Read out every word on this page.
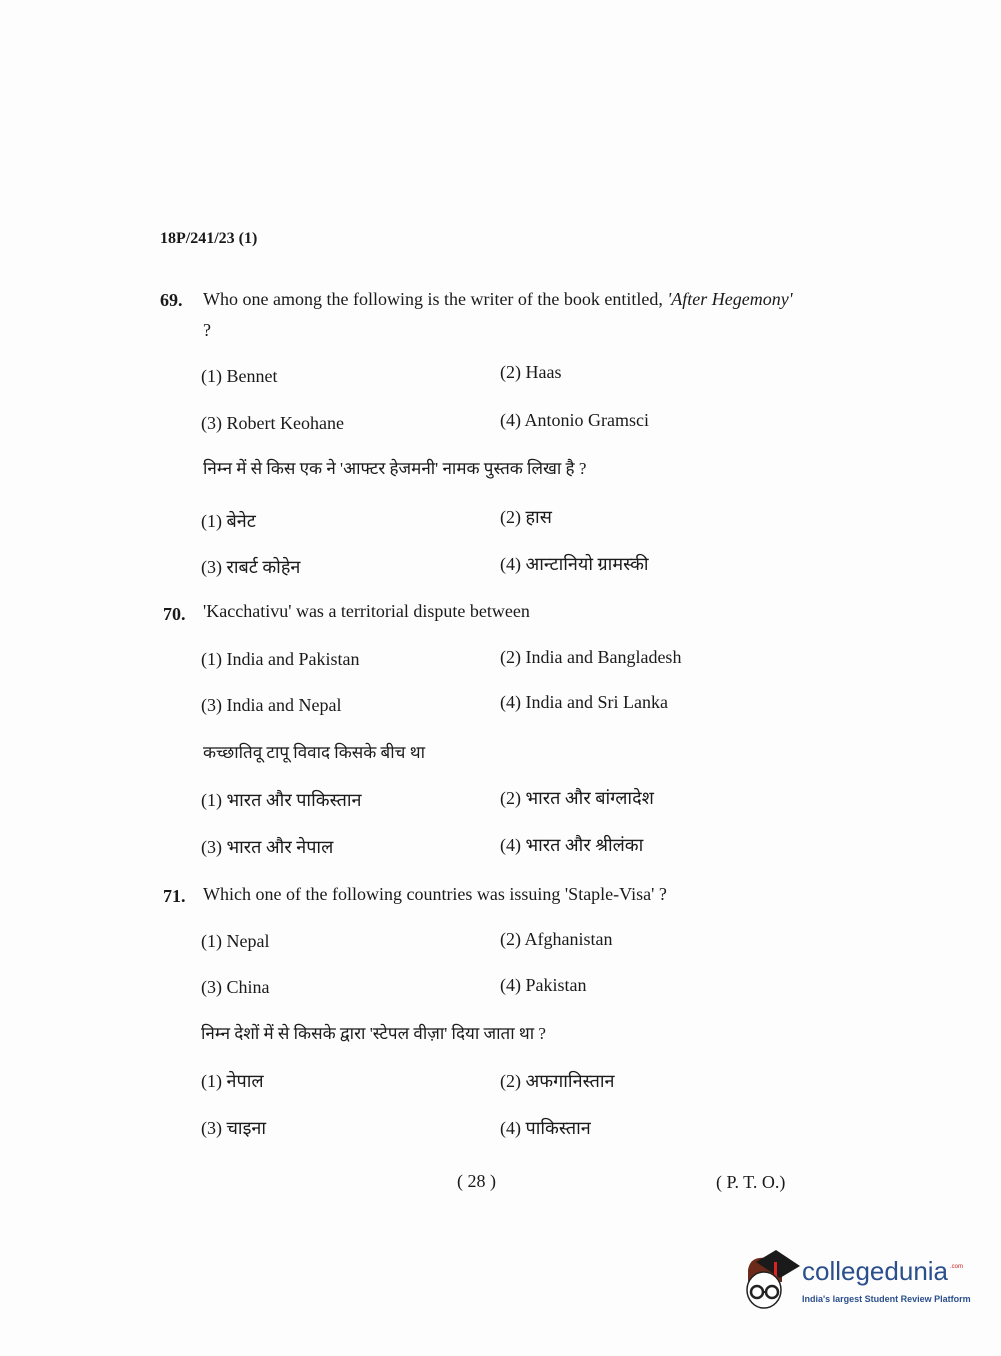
18P/241/23 (1)
69. Who one among the following is the writer of the book entitled, 'After Hegemony' ?
(1) Bennet	(2) Haas
(3) Robert Keohane	(4) Antonio Gramsci
निम्न में से किस एक ने 'आफ्टर हेजमनी' नामक पुस्तक लिखा है ?
(1) बेनेट	(2) हास
(3) राबर्ट कोहेन	(4) आन्टानियो ग्रामस्की
70. 'Kacchativu' was a territorial dispute between
(1) India and Pakistan	(2) India and Bangladesh
(3) India and Nepal	(4) India and Sri Lanka
कच्छातिवू टापू विवाद किसके बीच था
(1) भारत और पाकिस्तान	(2) भारत और बांग्लादेश
(3) भारत और नेपाल	(4) भारत और श्रीलंका
71. Which one of the following countries was issuing 'Staple-Visa' ?
(1) Nepal	(2) Afghanistan
(3) China	(4) Pakistan
निम्न देशों में से किसके द्वारा 'स्टेपल वीज़ा' दिया जाता था ?
(1) नेपाल	(2) अफगानिस्तान
(3) चाइना	(4) पाकिस्तान
( 28 )	( P. T. O.)
collegedunia .com
India's largest Student Review Platform
